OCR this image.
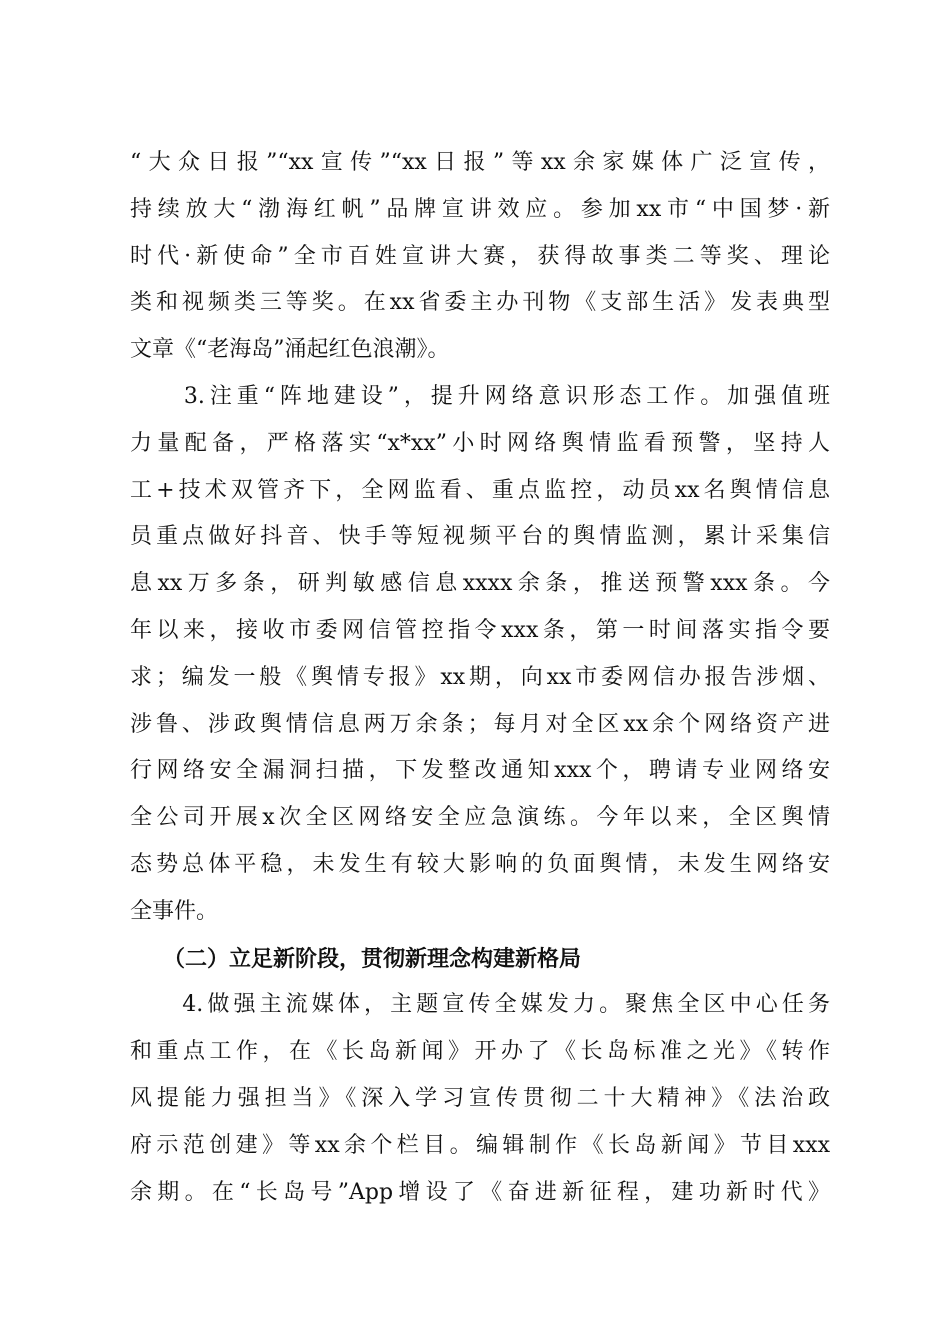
“大众日报”“xx宣传”“xx日报”等xx余家媒体广泛宣传，
持续放大“渤海红帆”品牌宣讲效应。参加xx市“中国梦·新
时代·新使命”全市百姓宣讲大赛，获得故事类二等奖、理论
类和视频类三等奖。在xx省委主办刊物《支部生活》发表典型
文章《“老海岛”涌起红色浪潮》。
　　3.注重“阵地建设”，提升网络意识形态工作。加强值班
力量配备，严格落实“x*xx”小时网络舆情监看预警，坚持人
工+技术双管齐下，全网监看、重点监控，动员xx名舆情信息
员重点做好抖音、快手等短视频平台的舆情监测，累计采集信
息xx万多条，研判敏感信息xxxx余条，推送预警xxx条。今
年以来，接收市委网信管控指令xxx条，第一时间落实指令要
求；编发一般《舆情专报》xx期，向xx市委网信办报告涉烟、
涉鲁、涉政舆情信息两万余条；每月对全区xx余个网络资产进
行网络安全漏洞扫描，下发整改通知xxx个，聘请专业网络安
全公司开展x次全区网络安全应急演练。今年以来，全区舆情
态势总体平稳，未发生有较大影响的负面舆情，未发生网络安
全事件。
　　（二）立足新阶段，贯彻新理念构建新格局
　　4.做强主流媒体，主题宣传全媒发力。聚焦全区中心任务
和重点工作，在《长岛新闻》开办了《长岛标准之光》《转作
风提能力强担当》《深入学习宣传贯彻二十大精神》《法治政
府示范创建》等xx余个栏目。编辑制作《长岛新闻》节目xxx
余期。在“长岛号”App增设了《奋进新征程，建功新时代》
